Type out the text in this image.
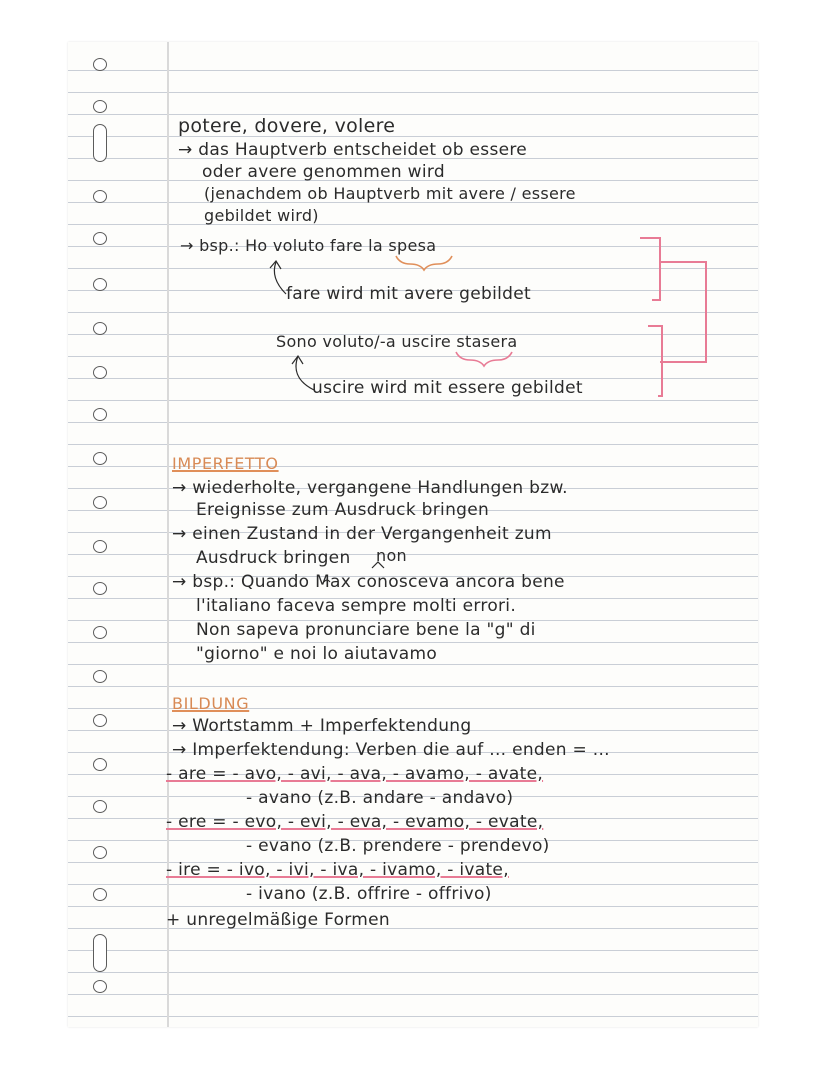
potere, dovere, volere
→ das Hauptverb entscheidet ob essere
oder avere genommen wird
(jenachdem ob Hauptverb mit avere / essere
gebildet wird)
→ bsp.: Ho voluto fare la spesa
fare wird mit avere gebildet
Sono voluto/-a uscire stasera
uscire wird mit essere gebildet
IMPERFETTO
→ wiederholte, vergangene Handlungen bzw.
Ereignisse zum Ausdruck bringen
→ einen Zustand in der Vergangenheit zum
Ausdruck bringen non
→ bsp.: Quando Max conosceva ancora bene
l'italiano faceva sempre molti errori.
Non sapeva pronunciare bene la "g" di
"giorno" e noi lo aiutavamo
BILDUNG
→ Wortstamm + Imperfektendung
→ Imperfektendung: Verben die auf ... enden = ...
- are = - avo, - avi, - ava, - avamo, - avate,
- avano (z.B. andare - andavo)
- ere = - evo, - evi, - eva, - evamo, - evate,
- evano (z.B. prendere - prendevo)
- ire = - ivo, - ivi, - iva, - ivamo, - ivate,
- ivano (z.B. offrire - offrivo)
+ unregelmäßige Formen
